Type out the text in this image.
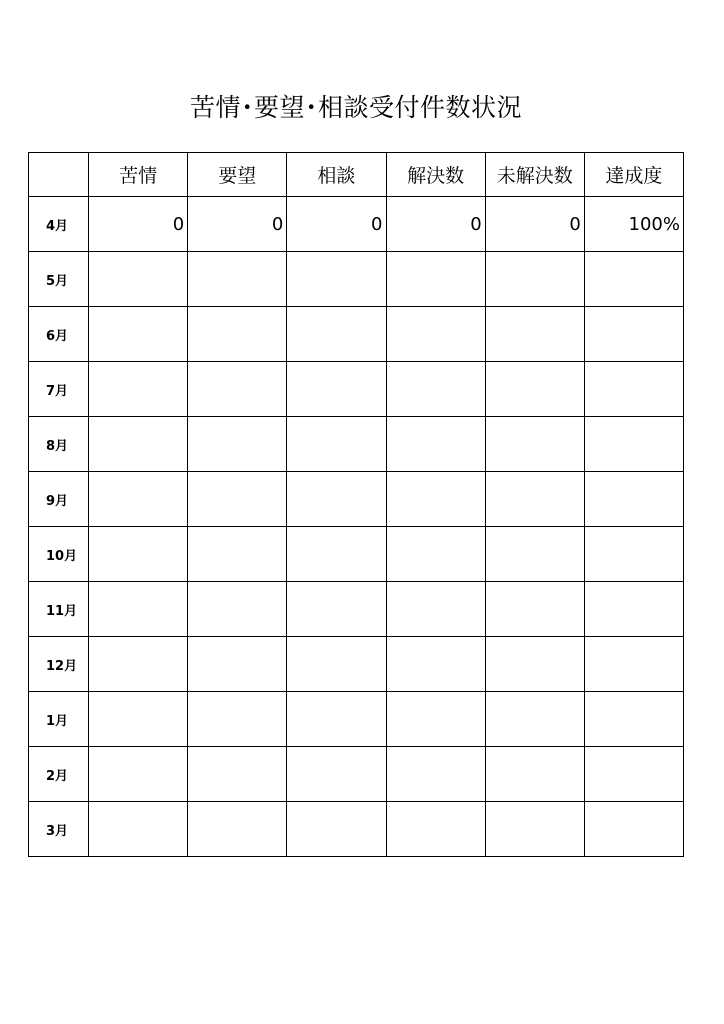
苦情･要望･相談受付件数状況
	苦情	要望	相談	解決数	未解決数	達成度
4月	0	0	0	0	0	100%
5月						
6月						
7月						
8月						
9月						
10月						
11月						
12月						
1月						
2月						
3月						
